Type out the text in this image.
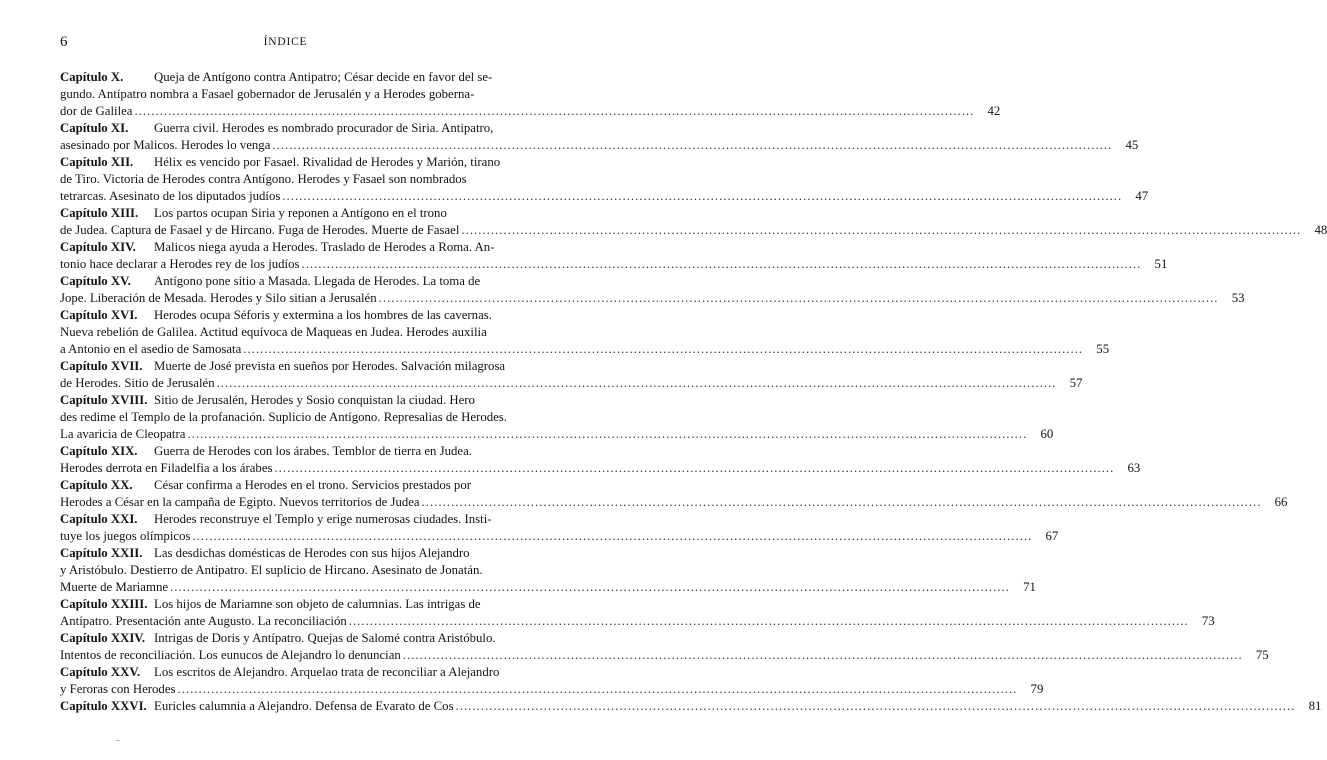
6	ÍNDICE
Capítulo X.	Queja de Antígono contra Antipatro; César decide en favor del se-
gundo. Antípatro nombra a Fasael gobernador de Jerusalén y a Herodes goberna-
dor de Galilea ........................................................................................................................................................................................................	42
Capítulo XI.	Guerra civil. Herodes es nombrado procurador de Siria. Antipatro,
asesinado por Malicos. Herodes lo venga ........................................................................................................................................................................................................	45
Capítulo XII.	Hélix es vencido por Fasael. Rivalidad de Herodes y Marión, tirano
de Tiro. Victoria de Herodes contra Antígono. Herodes y Fasael son nombrados
tetrarcas. Asesinato de los diputados judíos ........................................................................................................................................................................................................	47
Capítulo XIII.	Los partos ocupan Siria y reponen a Antígono en el trono
de Judea. Captura de Fasael y de Hircano. Fuga de Herodes. Muerte de Fasael ........................................................................................................................................................................................................	48
Capítulo XIV.	Malicos niega ayuda a Herodes. Traslado de Herodes a Roma. An-
tonio hace declarar a Herodes rey de los judíos ........................................................................................................................................................................................................	51
Capítulo XV.	Antígono pone sitio a Masada. Llegada de Herodes. La toma de
Jope. Liberación de Mesada. Herodes y Silo sitian a Jerusalén ........................................................................................................................................................................................................	53
Capítulo XVI.	Herodes ocupa Séforis y extermina a los hombres de las cavernas.
Nueva rebelión de Galilea. Actitud equívoca de Maqueas en Judea. Herodes auxilia
a Antonio en el asedio de Samosata ........................................................................................................................................................................................................	55
Capítulo XVII. Muerte de José prevista en sueños por Herodes. Salvación milagrosa
de Herodes. Sitio de Jerusalén ........................................................................................................................................................................................................	57
Capítulo XVIII. Sitio de Jerusalén, Herodes y Sosio conquistan la ciudad. Hero
des redime el Templo de la profanación. Suplicio de Antígono. Represalias de Herodes.
La avaricia de Cleopatra ........................................................................................................................................................................................................	60
Capítulo XIX.	Guerra de Herodes con los árabes. Temblor de tierra en Judea.
Herodes derrota en Filadelfia a los árabes ........................................................................................................................................................................................................	63
Capítulo XX.	César confirma a Herodes en el trono. Servicios prestados por
Herodes a César en la campaña de Egipto. Nuevos territorios de Judea ........................................................................................................................................................................................................	66
Capítulo XXI.	Herodes reconstruye el Templo y erige numerosas ciudades. Insti-
tuye los juegos olímpicos ........................................................................................................................................................................................................	67
Capítulo XXII. Las desdichas domésticas de Herodes con sus hijos Alejandro
y Aristóbulo. Destierro de Antipatro. El suplicio de Hircano. Asesinato de Jonatán.
Muerte de Mariamne ........................................................................................................................................................................................................	71
Capítulo XXIII. Los hijos de Mariamne son objeto de calumnias. Las intrigas de
Antípatro. Presentación ante Augusto. La reconciliación ........................................................................................................................................................................................................	73
Capítulo XXIV. Intrigas de Doris y Antípatro. Quejas de Salomé contra Aristóbulo.
Intentos de reconciliación. Los eunucos de Alejandro lo denuncian ........................................................................................................................................................................................................	75
Capítulo XXV.	Los escritos de Alejandro. Arquelao trata de reconciliar a Alejandro
y Feroras con Herodes ........................................................................................................................................................................................................	79
Capítulo XXVI. Euricles calumnia a Alejandro. Defensa de Evarato de Cos ........................................................................................................................................................................................................	81
